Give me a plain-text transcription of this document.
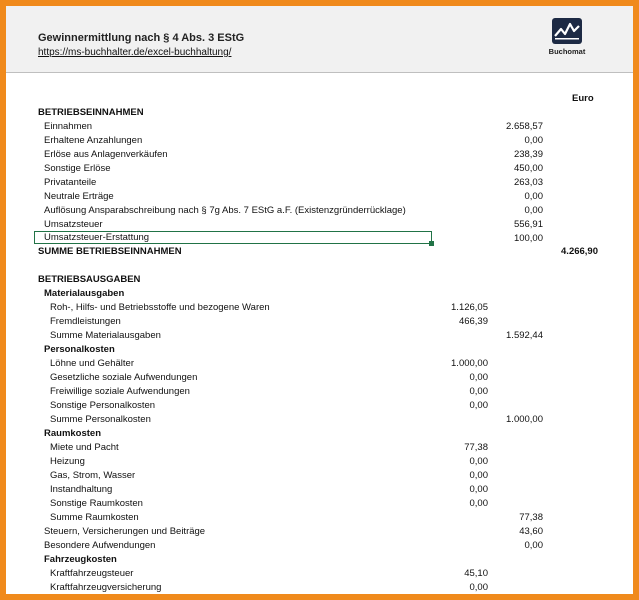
Gewinnermittlung nach § 4 Abs. 3 EStG
https://ms-buchhalter.de/excel-buchhaltung/	Buchomat
Euro
BETRIEBSEINNAHMEN
Einnahmen	2.658,57
Erhaltene Anzahlungen	0,00
Erlöse aus Anlagenverkäufen	238,39
Sonstige Erlöse	450,00
Privatanteile	263,03
Neutrale Erträge	0,00
Auflösung Ansparabschreibung nach § 7g Abs. 7 EStG a.F. (Existenzgründerrücklage)	0,00
Umsatzsteuer	556,91
Umsatzsteuer-Erstattung	100,00
SUMME BETRIEBSEINNAHMEN	4.266,90
BETRIEBSAUSGABEN
Materialausgaben
Roh-, Hilfs- und Betriebsstoffe und bezogene Waren	1.126,05
Fremdleistungen	466,39
Summe Materialausgaben	1.592,44
Personalkosten
Löhne und Gehälter	1.000,00
Gesetzliche soziale Aufwendungen	0,00
Freiwillige soziale Aufwendungen	0,00
Sonstige Personalkosten	0,00
Summe Personalkosten	1.000,00
Raumkosten
Miete und Pacht	77,38
Heizung	0,00
Gas, Strom, Wasser	0,00
Instandhaltung	0,00
Sonstige Raumkosten	0,00
Summe Raumkosten	77,38
Steuern, Versicherungen und Beiträge	43,60
Besondere Aufwendungen	0,00
Fahrzeugkosten
Kraftfahrzeugsteuer	45,10
Kraftfahrzeugversicherung	0,00
